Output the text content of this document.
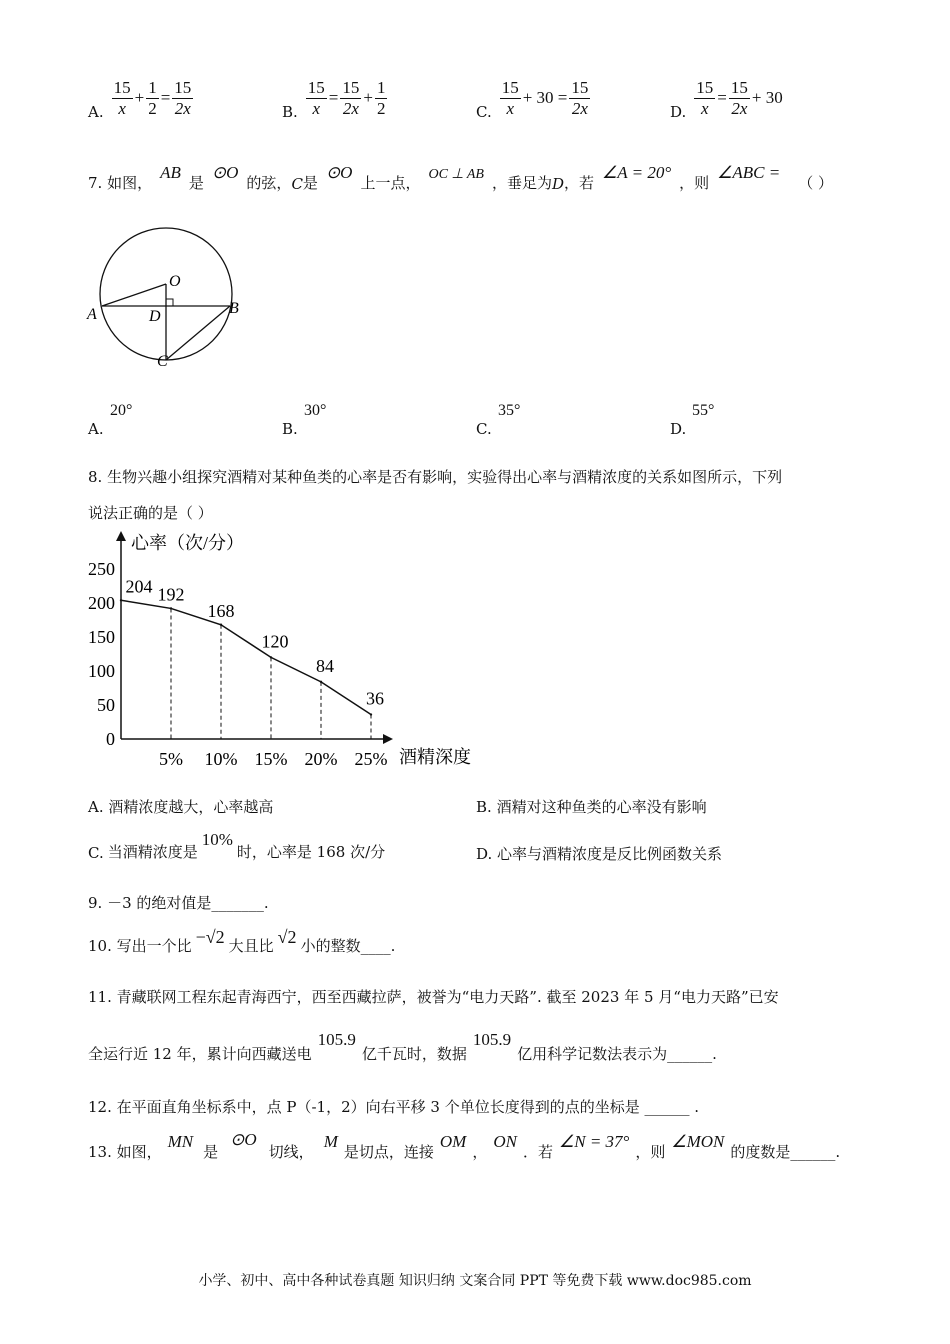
A. $\frac{15}{x} + \frac{1}{2} = \frac{15}{2x}$	B. $\frac{15}{x} = \frac{15}{2x} + \frac{1}{2}$	C. $\frac{15}{x} + 30 = \frac{15}{2x}$	D. $\frac{15}{x} = \frac{15}{2x} + 30$
7. 如图，
AB
是
⊙O
的弦， C 是
⊙O
上一点， OC ⊥ AB ，垂足为 D ，若
∠A = 20°
，则
∠ABC =
（ ）
O
A	B
C
D
20°
A.
30°
B.
35°
C.
55°
D.
8. 生物兴趣小组探究酒精对某种鱼类的心率是否有影响，实验得出心率与酒精浓度的关系如图所示，下列
说法正确的是（ ）
心率（次/分）
酒精深度
0
50
100
150
200
250
5% 10% 15% 20% 25%
204 192
168
120
84
36
A. 酒精浓度越大，心率越高	B. 酒精对这种鱼类的心率没有影响
C. 当酒精浓度是
10%
时，心率是 168 次/分	D. 心率与酒精浓度是反比例函数关系
9. －3 的绝对值是_______.
10. 写出一个比 −√2 大且比 √2 小的整数____.
11. 青藏联网工程东起青海西宁，西至西藏拉萨，被誉为“电力天路”. 截至 2023 年 5 月“电力天路”已安
全运行近 12 年，累计向西藏送电
105.9
亿千瓦时，数据
105.9
亿用科学记数法表示为______.
12. 在平面直角坐标系中，点 P（-1，2）向右平移 3 个单位长度得到的点的坐标是 ______ .
13. 如图，
MN
是
⊙O
切线，
M
是切点，连接
OM
，
ON
．若
∠N = 37°
，则
∠MON
的度数是______.
小学、初中、高中各种试卷真题 知识归纳 文案合同 PPT 等免费下载 www.doc985.com
